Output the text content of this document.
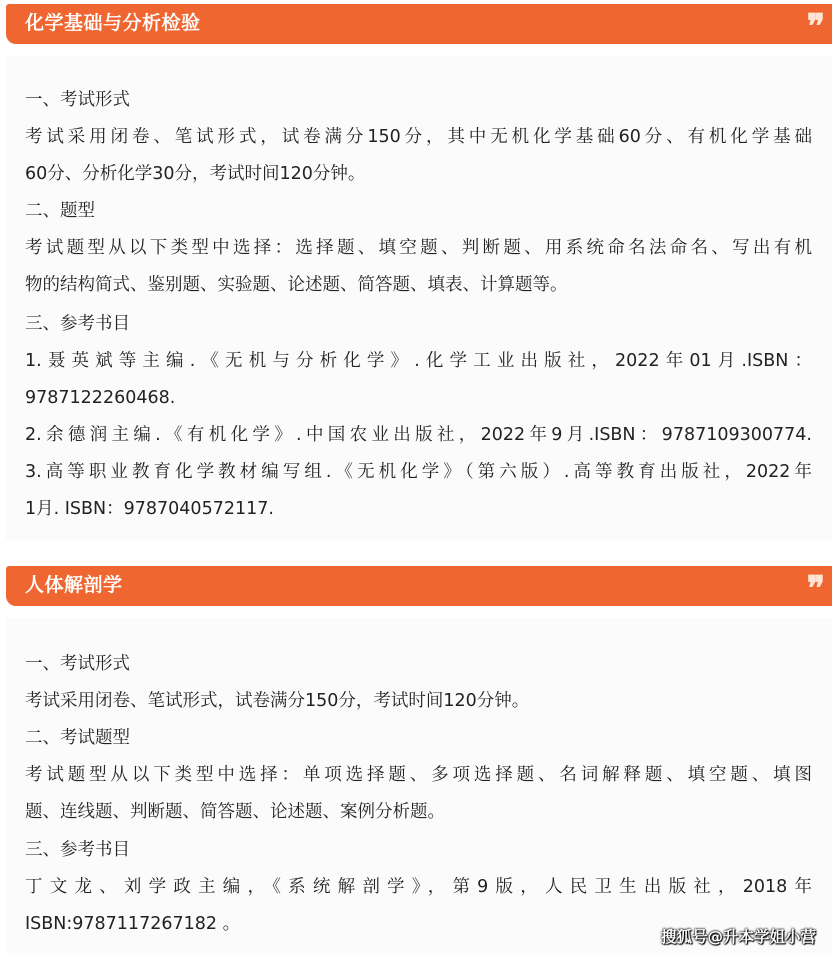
化学基础与分析检验	❞
一、考试形式
考试采用闭卷、笔试形式，试卷满分150分，其中无机化学基础60分、有机化学基础
60分、分析化学30分，考试时间120分钟。
二、题型
考试题型从以下类型中选择：选择题、填空题、判断题、用系统命名法命名、写出有机
物的结构简式、鉴别题、实验题、论述题、简答题、填表、计算题等。
三、参考书目
1.聂英斌等主编.《无机与分析化学》.化学工业出版社，2022年01月.ISBN：
9787122260468.
2.余德润主编.《有机化学》.中国农业出版社，2022年9月.ISBN：9787109300774.
3.高等职业教育化学教材编写组.《无机化学》（第六版）.高等教育出版社，2022年
1月. ISBN：9787040572117.
人体解剖学	❞
一、考试形式
考试采用闭卷、笔试形式，试卷满分150分，考试时间120分钟。
二、考试题型
考试题型从以下类型中选择：单项选择题、多项选择题、名词解释题、填空题、填图
题、连线题、判断题、简答题、论述题、案例分析题。
三、参考书目
丁文龙、刘学政主编，《系统解剖学》，第9版，人民卫生出版社，2018年
ISBN:9787117267182 。
搜狐号@升本学姐小营
